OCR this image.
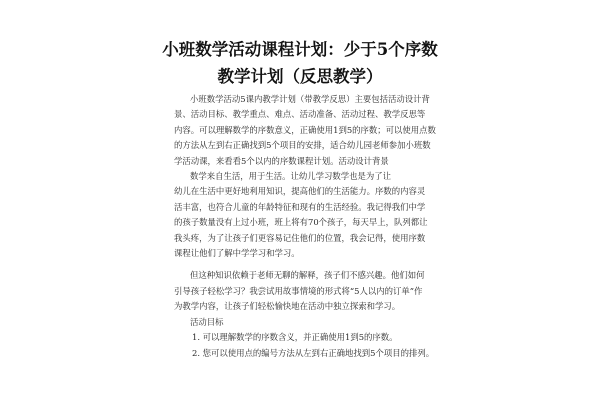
小班数学活动课程计划：少于5个序数
教学计划（反思教学）

小班数学活动5课内教学计划（带教学反思）主要包括活动设计背

景、活动目标、教学重点、难点、活动准备、活动过程、教学反思等

内容。可以理解数学的序数意义，正确使用1到5的序数；可以使用点数

的方法从左到右正确找到5个项目的安排，适合幼儿园老师参加小班数

学活动课，来看看5个以内的序数课程计划。活动设计背景

数学来自生活，用于生活。让幼儿学习数学也是为了让

幼儿在生活中更好地利用知识，提高他们的生活能力。序数的内容灵

活丰富，也符合儿童的年龄特征和现有的生活经验。我记得我们中学

的孩子数量没有上过小班，班上将有70个孩子，每天早上，队列都让

我头疼，为了让孩子们更容易记住他们的位置，我会记得，使用序数

课程让他们了解中学学习和学习。

但这种知识依赖于老师无聊的解释，孩子们不感兴趣。他们如何

引导孩子轻松学习？我尝试用故事情境的形式将“5人以内的订单”作

为教学内容，让孩子们轻松愉快地在活动中独立探索和学习。

活动目标

1. 可以理解数学的序数含义，并正确使用1到5的序数。

2. 您可以使用点的编号方法从左到右正确地找到5个项目的排列。
